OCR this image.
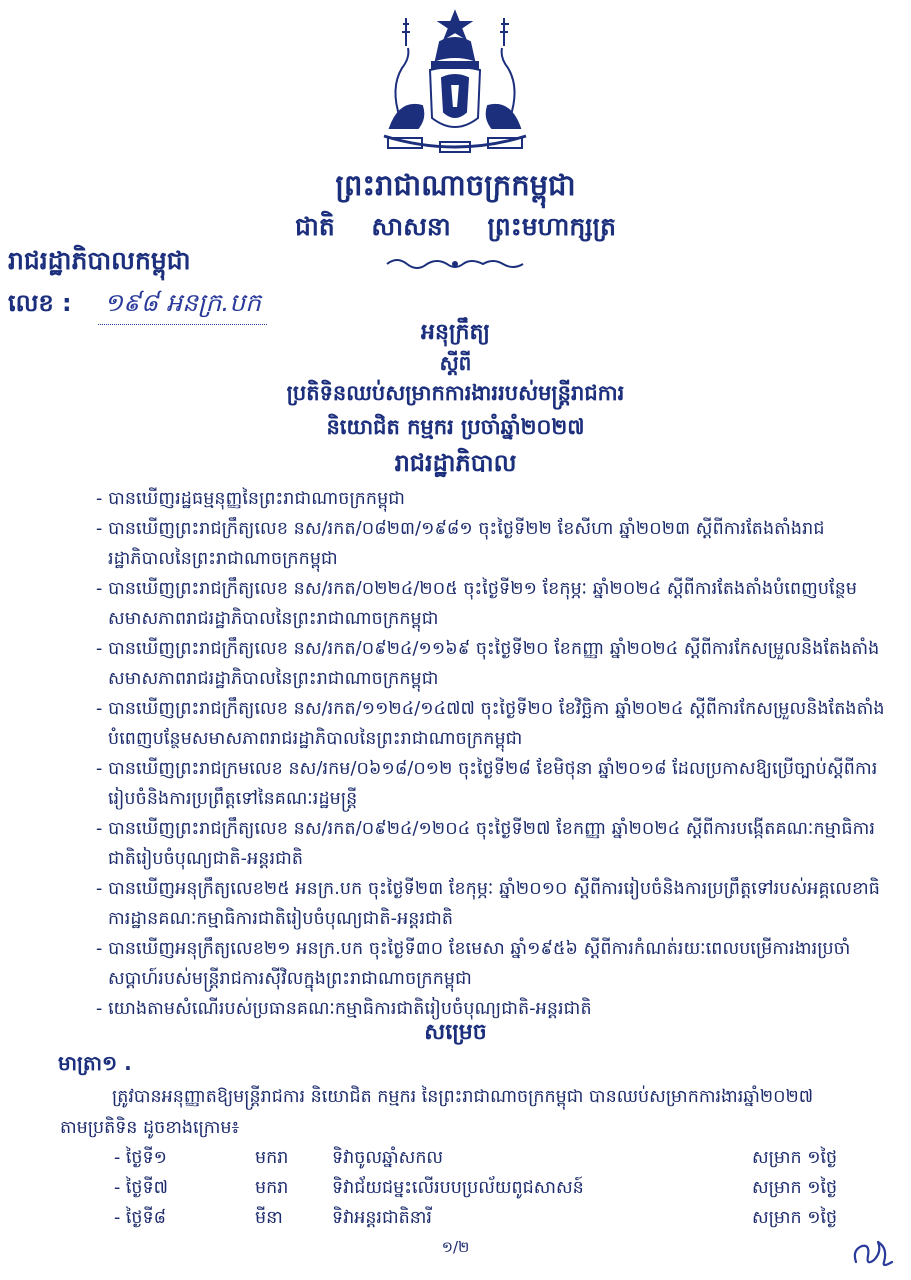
ព្រះរាជាណាចក្រកម្ពុជា
ជាតិ សាសនា ព្រះមហាក្សត្រ
រាជរដ្ឋាភិបាលកម្ពុជា
លេខ : ១៩៨ អនក្រ.បក
អនុក្រឹត្យ
ស្តីពី
ប្រតិទិនឈប់សម្រាកការងាររបស់មន្ត្រីរាជការ
និយោជិត កម្មករ ប្រចាំឆ្នាំ២០២៧
រាជរដ្ឋាភិបាល
- បានឃើញរដ្ឋធម្មនុញ្ញនៃព្រះរាជាណាចក្រកម្ពុជា
- បានឃើញព្រះរាជក្រឹត្យលេខ នស/រកត/០៨២៣/១៩៨១ ចុះថ្ងៃទី២២ ខែសីហា ឆ្នាំ២០២៣ ស្តីពីការតែងតាំងរាជរដ្ឋាភិបាលនៃព្រះរាជាណាចក្រកម្ពុជា
- បានឃើញព្រះរាជក្រឹត្យលេខ នស/រកត/០២២៤/២០៥ ចុះថ្ងៃទី២១ ខែកុម្ភៈ ឆ្នាំ២០២៤ ស្តីពីការតែងតាំងបំពេញបន្ថែមសមាសភាពរាជរដ្ឋាភិបាលនៃព្រះរាជាណាចក្រកម្ពុជា
- បានឃើញព្រះរាជក្រឹត្យលេខ នស/រកត/០៩២៤/១១៦៩ ចុះថ្ងៃទី២០ ខែកញ្ញា ឆ្នាំ២០២៤ ស្តីពីការកែសម្រួលនិងតែងតាំងសមាសភាពរាជរដ្ឋាភិបាលនៃព្រះរាជាណាចក្រកម្ពុជា
- បានឃើញព្រះរាជក្រឹត្យលេខ នស/រកត/១១២៤/១៤៧៧ ចុះថ្ងៃទី២០ ខែវិច្ឆិកា ឆ្នាំ២០២៤ ស្តីពីការកែសម្រួលនិងតែងតាំងបំពេញបន្ថែមសមាសភាពរាជរដ្ឋាភិបាលនៃព្រះរាជាណាចក្រកម្ពុជា
- បានឃើញព្រះរាជក្រមលេខ នស/រកម/០៦១៨/០១២ ចុះថ្ងៃទី២៨ ខែមិថុនា ឆ្នាំ២០១៨ ដែលប្រកាសឱ្យប្រើច្បាប់ស្តីពីការរៀបចំនិងការប្រព្រឹត្តទៅនៃគណៈរដ្ឋមន្ត្រី
- បានឃើញព្រះរាជក្រឹត្យលេខ នស/រកត/០៩២៤/១២០៤ ចុះថ្ងៃទី២៧ ខែកញ្ញា ឆ្នាំ២០២៤ ស្តីពីការបង្កើតគណៈកម្មាធិការជាតិរៀបចំបុណ្យជាតិ-អន្តរជាតិ
- បានឃើញអនុក្រឹត្យលេខ២៥ អនក្រ.បក ចុះថ្ងៃទី២៣ ខែកុម្ភៈ ឆ្នាំ២០១០ ស្តីពីការរៀបចំនិងការប្រព្រឹត្តទៅរបស់អគ្គលេខាធិការដ្ឋានគណៈកម្មាធិការជាតិរៀបចំបុណ្យជាតិ-អន្តរជាតិ
- បានឃើញអនុក្រឹត្យលេខ២១ អនក្រ.បក ចុះថ្ងៃទី៣០ ខែមេសា ឆ្នាំ១៩៥៦ ស្តីពីការកំណត់រយៈពេលបម្រើការងារប្រចាំសប្តាហ៍របស់មន្ត្រីរាជការស៊ីវិលក្នុងព្រះរាជាណាចក្រកម្ពុជា
- យោងតាមសំណើរបស់ប្រធានគណៈកម្មាធិការជាតិរៀបចំបុណ្យជាតិ-អន្តរជាតិ
សម្រេច
មាត្រា១ .
ត្រូវបានអនុញ្ញាតឱ្យមន្ត្រីរាជការ និយោជិត កម្មករ នៃព្រះរាជាណាចក្រកម្ពុជា បានឈប់សម្រាកការងារឆ្នាំ២០២៧
តាមប្រតិទិន ដូចខាងក្រោម៖
- ថ្ងៃទី១	មករា ទិវាចូលឆ្នាំសកល	សម្រាក ១ថ្ងៃ
- ថ្ងៃទី៧	មករា ទិវាជ័យជម្នះលើរបបប្រល័យពូជសាសន៍	សម្រាក ១ថ្ងៃ
- ថ្ងៃទី៨	មីនា	ទិវាអន្តរជាតិនារី	សម្រាក ១ថ្ងៃ
១/២
